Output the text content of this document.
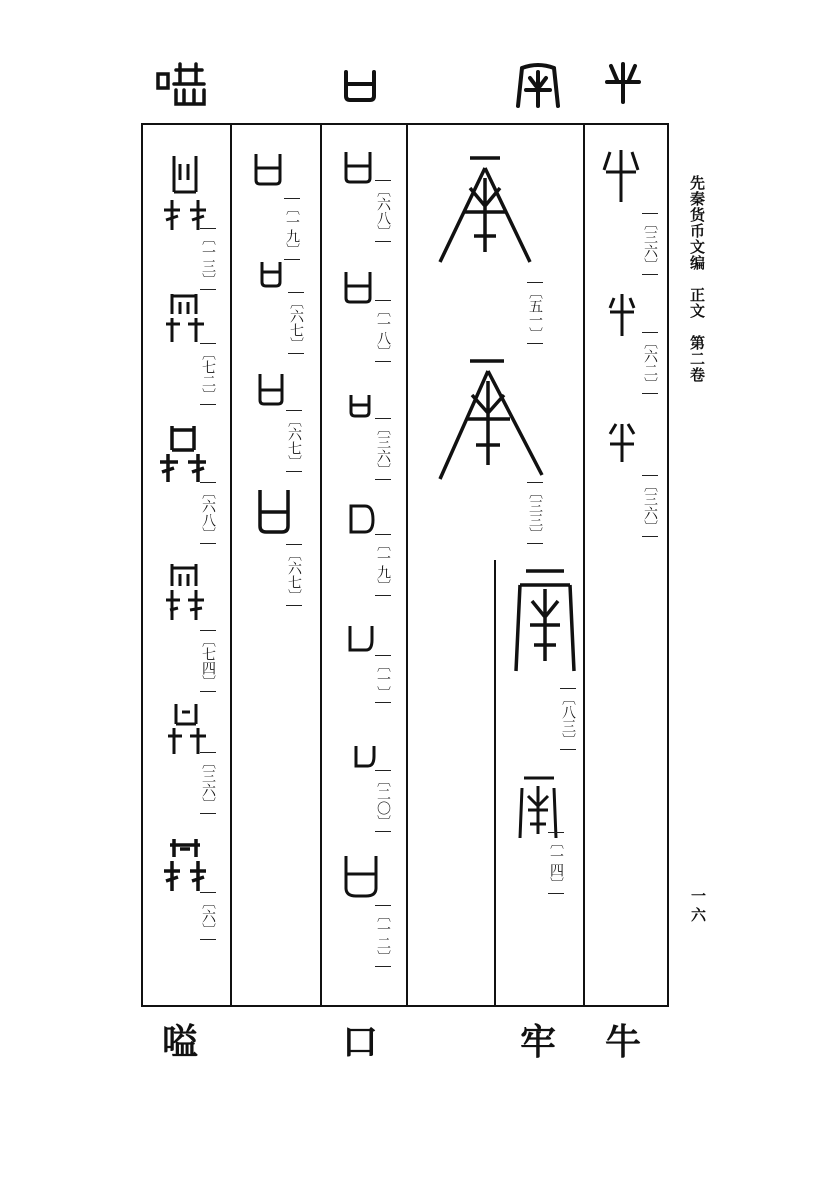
〔三六〕
〔六二〕
〔三六〕
〔五一〕
〔三三〕
〔八三〕
〔一四〕
〔六八〕
〔一八〕
〔三六〕
〔一九〕
〔一〕
〔二〇〕
〔一二〕
〔一九〕
〔六七〕
〔六七〕
〔六七〕
〔一三〕
〔七二〕
〔六八〕
〔七四〕
〔三六〕
〔六〕
牛
牢
口
嗌
先秦货币文编　正文　第二卷
一六
